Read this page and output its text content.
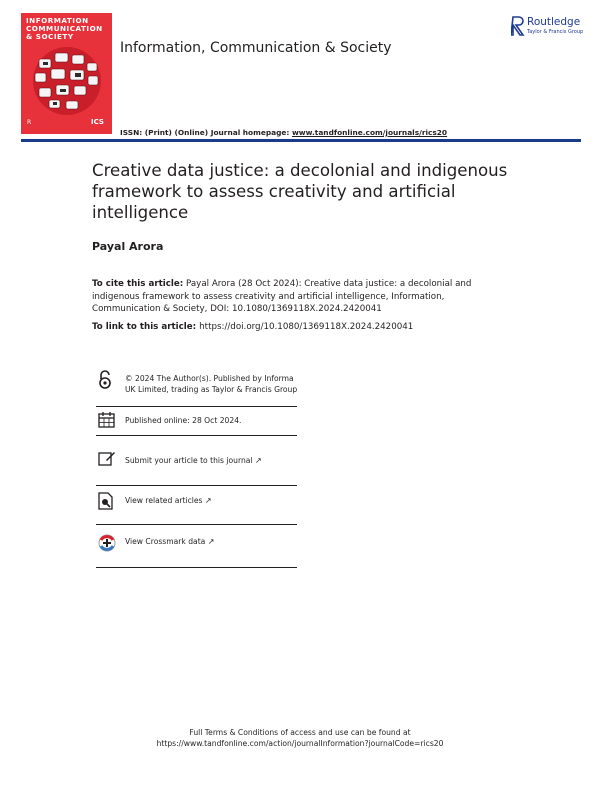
INFORMATION
COMMUNICATION
& SOCIETY
R	ICS
Information, Communication & Society
Routledge
Taylor & Francis Group
ISSN: (Print) (Online) Journal homepage: www.tandfonline.com/journals/rics20
Creative data justice: a decolonial and indigenous framework to assess creativity and artificial intelligence
Payal Arora
To cite this article: Payal Arora (28 Oct 2024): Creative data justice: a decolonial and indigenous framework to assess creativity and artificial intelligence, Information, Communication & Society, DOI: 10.1080/1369118X.2024.2420041
To link to this article: https://doi.org/10.1080/1369118X.2024.2420041
© 2024 The Author(s). Published by Informa UK Limited, trading as Taylor & Francis Group
Published online: 28 Oct 2024.
Submit your article to this journal ↗︎
View related articles ↗︎
View Crossmark data ↗︎
Full Terms & Conditions of access and use can be found at
https://www.tandfonline.com/action/journalInformation?journalCode=rics20
